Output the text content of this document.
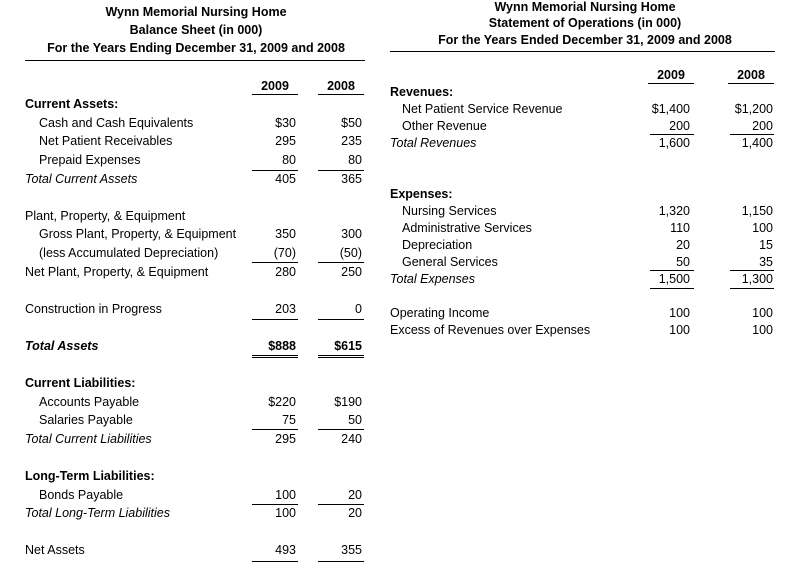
Wynn Memorial Nursing Home
Balance Sheet (in 000)
For the Years Ending December 31, 2009 and 2008
2009	2008
Current Assets:
Cash and Cash Equivalents	$30	$50
Net Patient Receivables	295	235
Prepaid Expenses	80	80
Total Current Assets	405	365
Plant, Property, & Equipment
Gross Plant, Property, & Equipment	350	300
(less Accumulated Depreciation)	(70)	(50)
Net Plant, Property, & Equipment	280	250
Construction in Progress	203	0
Total Assets	$888	$615
Current Liabilities:
Accounts Payable	$220	$190
Salaries Payable	75	50
Total Current Liabilities	295	240
Long-Term Liabilities:
Bonds Payable	100	20
Total Long-Term Liabilities	100	20
Net Assets	493	355
Wynn Memorial Nursing Home
Statement of Operations (in 000)
For the Years Ended December 31, 2009 and 2008
2009	2008
Revenues:
Net Patient Service Revenue	$1,400	$1,200
Other Revenue	200	200
Total Revenues	1,600	1,400
Expenses:
Nursing Services	1,320	1,150
Administrative Services	110	100
Depreciation	20	15
General Services	50	35
Total Expenses	1,500	1,300
Operating Income	100	100
Excess of Revenues over Expenses	100	100
